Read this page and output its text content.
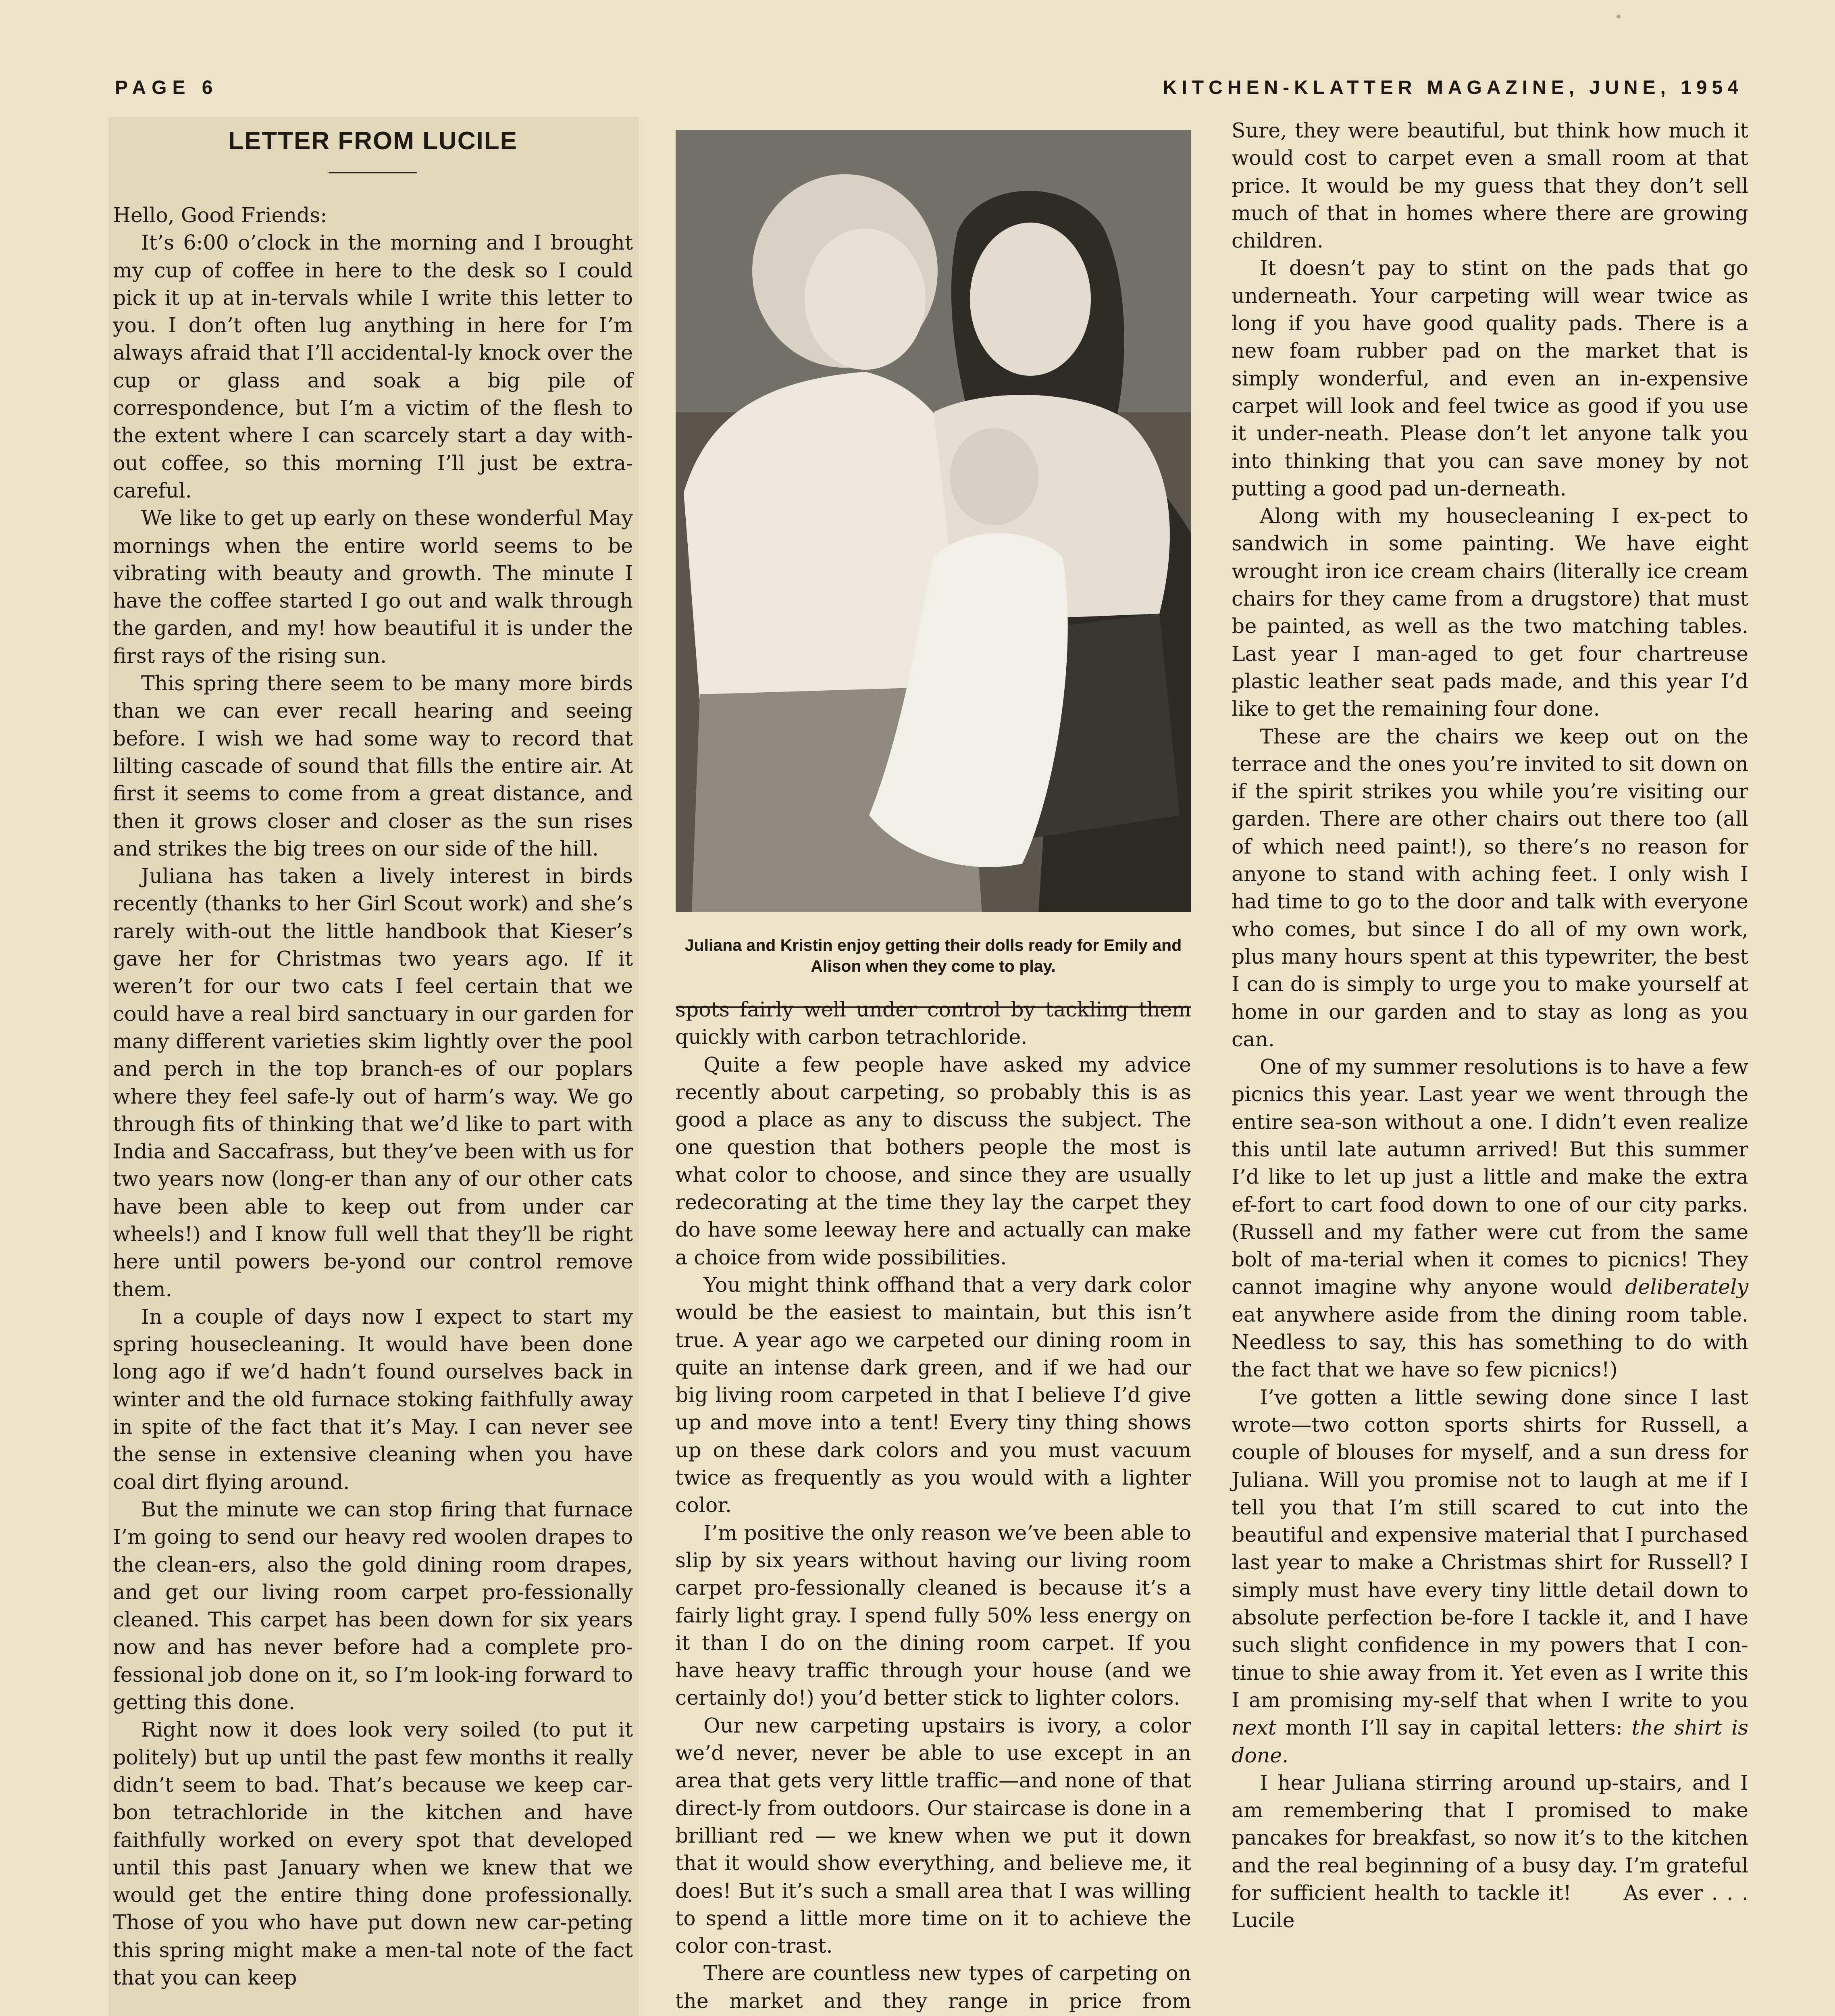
PAGE 6	KITCHEN-KLATTER MAGAZINE, JUNE, 1954
LETTER FROM LUCILE

Hello, Good Friends:

It’s 6:00 o’clock in the morning and I brought my cup of coffee in here to the desk so I could pick it up at in-tervals while I write this letter to you. I don’t often lug anything in here for I’m always afraid that I’ll accidental-ly knock over the cup or glass and soak a big pile of correspondence, but I’m a victim of the flesh to the extent where I can scarcely start a day with-out coffee, so this morning I’ll just be extra-careful.

We like to get up early on these wonderful May mornings when the entire world seems to be vibrating with beauty and growth. The minute I have the coffee started I go out and walk through the garden, and my! how beautiful it is under the first rays of the rising sun.

This spring there seem to be many more birds than we can ever recall hearing and seeing before. I wish we had some way to record that lilting cascade of sound that fills the entire air. At first it seems to come from a great distance, and then it grows closer and closer as the sun rises and strikes the big trees on our side of the hill.

Juliana has taken a lively interest in birds recently (thanks to her Girl Scout work) and she’s rarely with-out the little handbook that Kieser’s gave her for Christmas two years ago. If it weren’t for our two cats I feel certain that we could have a real bird sanctuary in our garden for many different varieties skim lightly over the pool and perch in the top branch-es of our poplars where they feel safe-ly out of harm’s way. We go through fits of thinking that we’d like to part with India and Saccafrass, but they’ve been with us for two years now (long-er than any of our other cats have been able to keep out from under car wheels!) and I know full well that they’ll be right here until powers be-yond our control remove them.

In a couple of days now I expect to start my spring housecleaning. It would have been done long ago if we’d hadn’t found ourselves back in winter and the old furnace stoking faithfully away in spite of the fact that it’s May. I can never see the sense in extensive cleaning when you have coal dirt flying around.

But the minute we can stop firing that furnace I’m going to send our heavy red woolen drapes to the clean-ers, also the gold dining room drapes, and get our living room carpet pro-fessionally cleaned. This carpet has been down for six years now and has never before had a complete pro-fessional job done on it, so I’m look-ing forward to getting this done.

Right now it does look very soiled (to put it politely) but up until the past few months it really didn’t seem to bad. That’s because we keep car-bon tetrachloride in the kitchen and have faithfully worked on every spot that developed until this past January when we knew that we would get the entire thing done professionally. Those of you who have put down new car-peting this spring might make a men-tal note of the fact that you can keep

Juliana and Kristin enjoy getting their dolls ready for Emily and Alison when they come to play.

spots fairly well under control by tackling them quickly with carbon tetrachloride.

Quite a few people have asked my advice recently about carpeting, so probably this is as good a place as any to discuss the subject. The one question that bothers people the most is what color to choose, and since they are usually redecorating at the time they lay the carpet they do have some leeway here and actually can make a choice from wide possibilities.

You might think offhand that a very dark color would be the easiest to maintain, but this isn’t true. A year ago we carpeted our dining room in quite an intense dark green, and if we had our big living room carpeted in that I believe I’d give up and move into a tent! Every tiny thing shows up on these dark colors and you must vacuum twice as frequently as you would with a lighter color.

I’m positive the only reason we’ve been able to slip by six years without having our living room carpet pro-fessionally cleaned is because it’s a fairly light gray. I spend fully 50% less energy on it than I do on the dining room carpet. If you have heavy traffic through your house (and we certainly do!) you’d better stick to lighter colors.

Our new carpeting upstairs is ivory, a color we’d never, never be able to use except in an area that gets very little traffic—and none of that direct-ly from outdoors. Our staircase is done in a brilliant red — we knew when we put it down that it would show everything, and believe me, it does! But it’s such a small area that I was willing to spend a little more time on it to achieve the color con-trast.

There are countless new types of carpeting on the market and they range in price from

Sure, they were beautiful, but think how much it would cost to carpet even a small room at that price. It would be my guess that they don’t sell much of that in homes where there are growing children.

It doesn’t pay to stint on the pads that go underneath. Your carpeting will wear twice as long if you have good quality pads. There is a new foam rubber pad on the market that is simply wonderful, and even an in-expensive carpet will look and feel twice as good if you use it under-neath. Please don’t let anyone talk you into thinking that you can save money by not putting a good pad un-derneath.

Along with my housecleaning I ex-pect to sandwich in some painting. We have eight wrought iron ice cream chairs (literally ice cream chairs for they came from a drugstore) that must be painted, as well as the two matching tables. Last year I man-aged to get four chartreuse plastic leather seat pads made, and this year I’d like to get the remaining four done.

These are the chairs we keep out on the terrace and the ones you’re invited to sit down on if the spirit strikes you while you’re visiting our garden. There are other chairs out there too (all of which need paint!), so there’s no reason for anyone to stand with aching feet. I only wish I had time to go to the door and talk with everyone who comes, but since I do all of my own work, plus many hours spent at this typewriter, the best I can do is simply to urge you to make yourself at home in our garden and to stay as long as you can.

One of my summer resolutions is to have a few picnics this year. Last year we went through the entire sea-son without a one. I didn’t even realize this until late autumn arrived! But this summer I’d like to let up just a little and make the extra ef-fort to cart food down to one of our city parks. (Russell and my father were cut from the same bolt of ma-terial when it comes to picnics! They cannot imagine why anyone would deliberately eat anywhere aside from the dining room table. Needless to say, this has something to do with the fact that we have so few picnics!)

I’ve gotten a little sewing done since I last wrote—two cotton sports shirts for Russell, a couple of blouses for myself, and a sun dress for Juliana. Will you promise not to laugh at me if I tell you that I’m still scared to cut into the beautiful and expensive material that I purchased last year to make a Christmas shirt for Russell? I simply must have every tiny little detail down to absolute perfection be-fore I tackle it, and I have such slight confidence in my powers that I con-tinue to shie away from it. Yet even as I write this I am promising my-self that when I write to you next month I’ll say in capital letters: the shirt is done.

I hear Juliana stirring around up-stairs, and I am remembering that I promised to make pancakes for breakfast, so now it’s to the kitchen and the real beginning of a busy day. I’m grateful for sufficient health to tackle it!	As ever . . . Lucile
